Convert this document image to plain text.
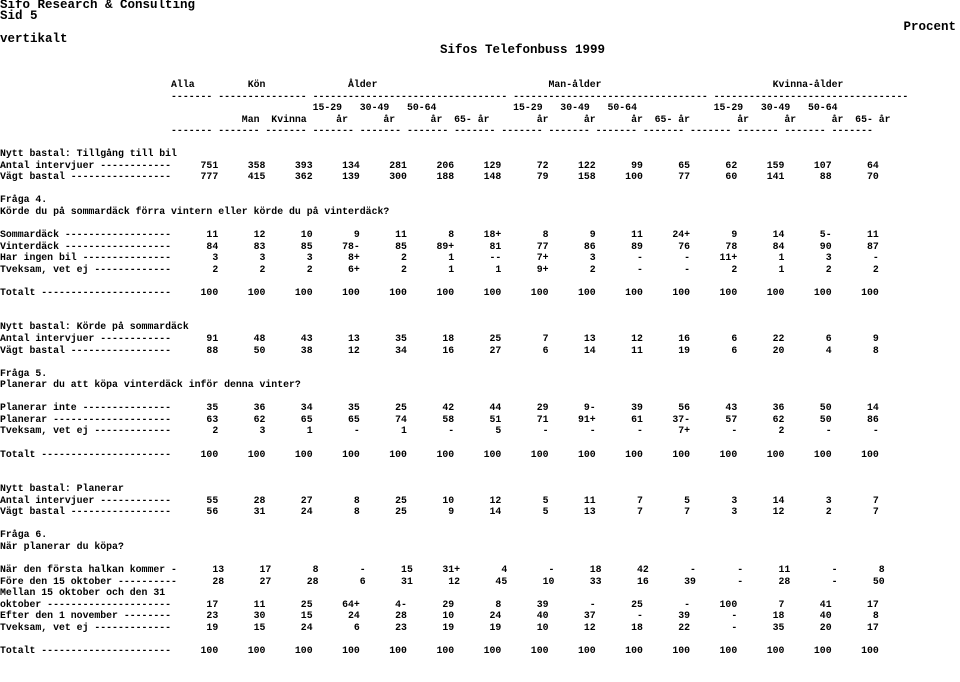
Sifo Research & Consulting
Sid 5
vertikalt
Procent
Sifos Telefonbuss 1999
Alla         Kön              Ålder                             Man-ålder                             Kvinna-ålder
------- --------------- --------------------------------- --------------------------------- ---------------------------------
15-29   30-49   50-64             15-29   30-49   50-64             15-29   30-49   50-64
Man  Kvinna     år      år      år  65- år        år      år      år  65- år        år      år      år  65- år
------- ------- ------- ------- ------- ------- ------- ------- ------- ------- ------- ------- ------- ------- -------

Nytt bastal: Tillgång till bil
Antal intervjuer ------------     751     358     393     134     281     206     129      72     122      99      65      62     159     107      64
Vägt bastal -----------------     777     415     362     139     300     188     148      79     158     100      77      60     141      88      70

Fråga 4.
Körde du på sommardäck förra vintern eller körde du på vinterdäck?

Sommardäck ------------------      11      12      10       9      11       8     18+       8       9      11     24+       9      14      5-      11
Vinterdäck ------------------      84      83      85     78-      85     89+      81      77      86      89      76      78      84      90      87
Har ingen bil ---------------       3       3       3      8+       2       1      --      7+       3       -       -     11+       1       3       -
Tveksam, vet ej -------------       2       2       2      6+       2       1       1      9+       2       -       -       2       1       2       2

Totalt ----------------------     100     100     100     100     100     100     100     100     100     100     100     100     100     100     100

Nytt bastal: Körde på sommardäck
Antal intervjuer ------------      91      48      43      13      35      18      25       7      13      12      16       6      22       6       9
Vägt bastal -----------------      88      50      38      12      34      16      27       6      14      11      19       6      20       4       8

Fråga 5.
Planerar du att köpa vinterdäck inför denna vinter?

Planerar inte ---------------      35      36      34      35      25      42      44      29      9-      39      56      43      36      50      14
Planerar --------------------      63      62      65      65      74      58      51      71     91+      61     37-      57      62      50      86
Tveksam, vet ej -------------       2       3       1       -       1       -       5       -       -       -      7+       -       2       -       -

Totalt ----------------------     100     100     100     100     100     100     100     100     100     100     100     100     100     100     100

Nytt bastal: Planerar
Antal intervjuer ------------      55      28      27       8      25      10      12       5      11       7       5       3      14       3       7
Vägt bastal -----------------      56      31      24       8      25       9      14       5      13       7       7       3      12       2       7

Fråga 6.
När planerar du köpa?

När den första halkan kommer -      13      17       8       -      15     31+       4       -      18      42       -       -      11       -       8
Före den 15 oktober ----------      28      27      28       6      31      12      45      10      33      16      39       -      28       -      50
Mellan 15 oktober och den 31
oktober ---------------------      17      11      25     64+      4-      29       8      39       -      25       -     100       7      41      17
Efter den 1 november --------      23      30      15      24      28      10      24      40      37       -      39       -      18      40       8
Tveksam, vet ej -------------      19      15      24       6      23      19      19      10      12      18      22       -      35      20      17

Totalt ----------------------     100     100     100     100     100     100     100     100     100     100     100     100     100     100     100
